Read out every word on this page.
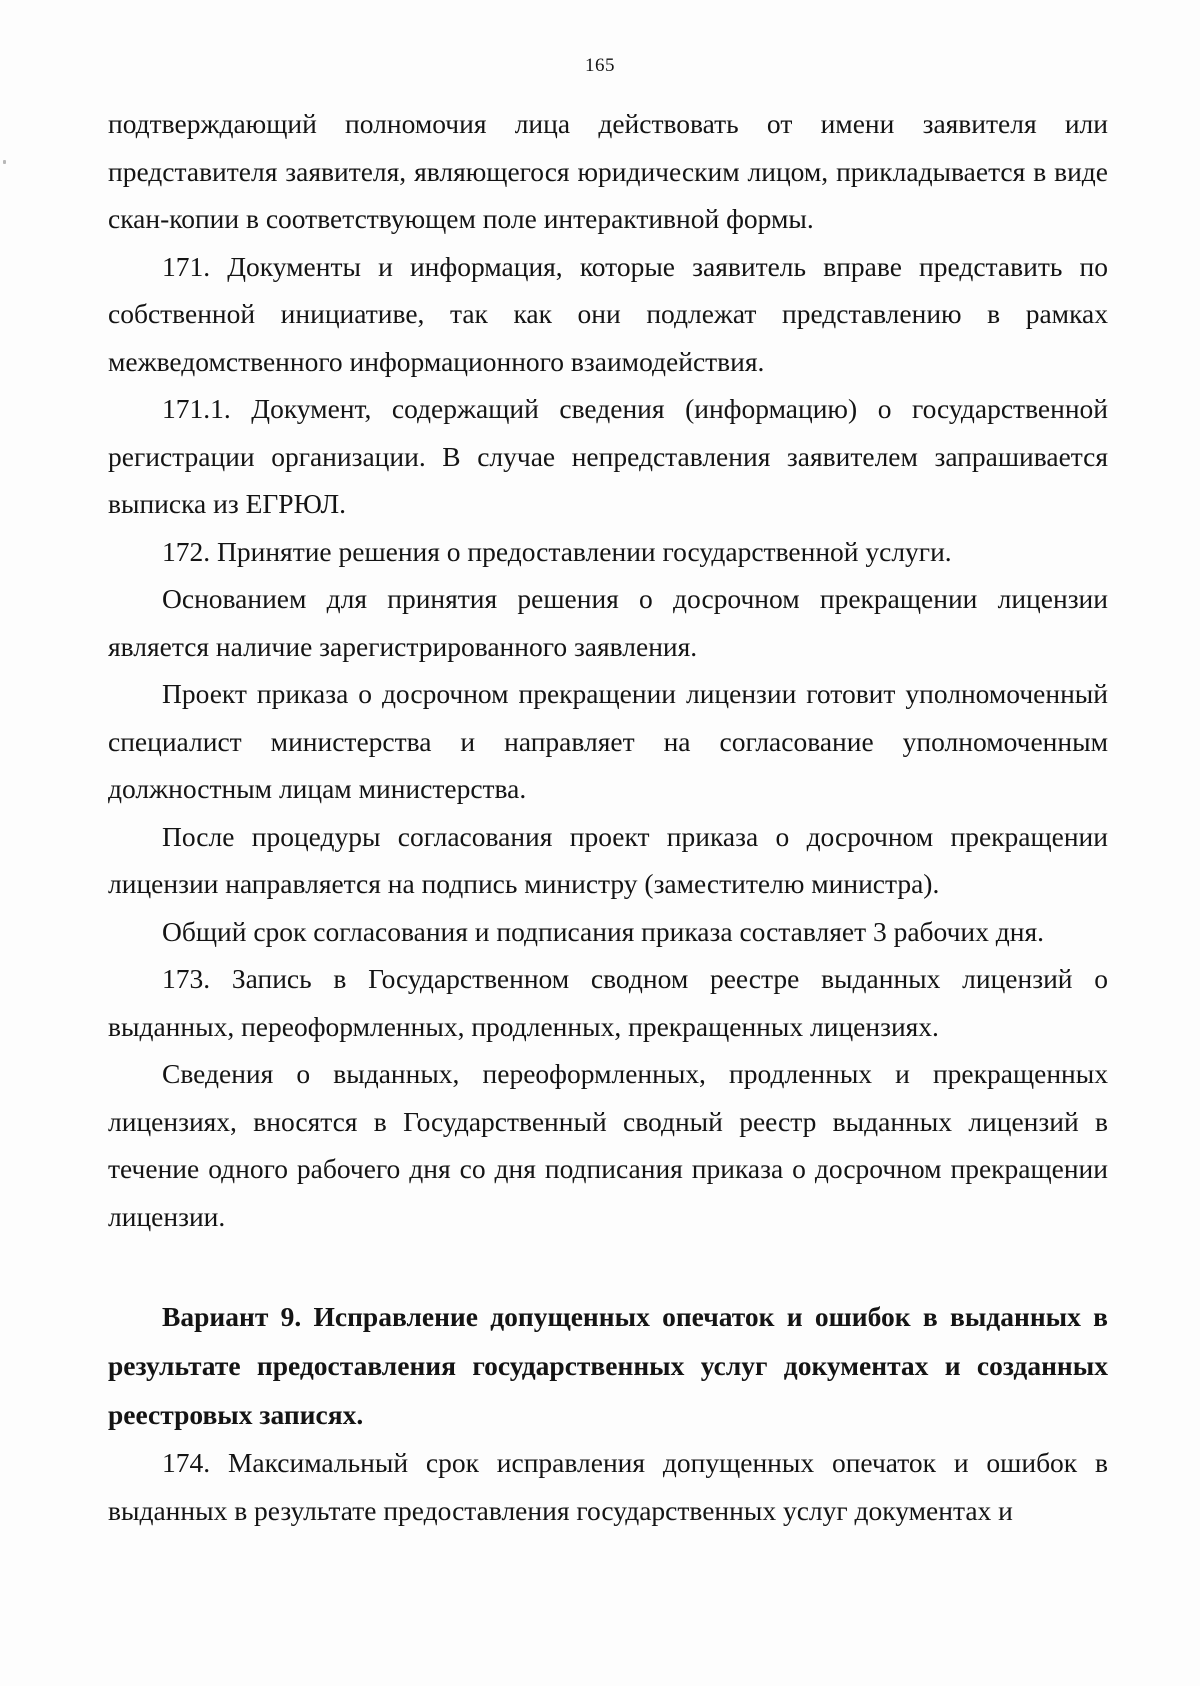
165

подтверждающий полномочия лица действовать от имени заявителя или представителя заявителя, являющегося юридическим лицом, прикладывается в виде скан-копии в соответствующем поле интерактивной формы.

171. Документы и информация, которые заявитель вправе представить по собственной инициативе, так как они подлежат представлению в рамках межведомственного информационного взаимодействия.

171.1. Документ, содержащий сведения (информацию) о государственной регистрации организации. В случае непредставления заявителем запрашивается выписка из ЕГРЮЛ.

172. Принятие решения о предоставлении государственной услуги.

Основанием для принятия решения о досрочном прекращении лицензии является наличие зарегистрированного заявления.

Проект приказа о досрочном прекращении лицензии готовит уполномоченный специалист министерства и направляет на согласование уполномоченным должностным лицам министерства.

После процедуры согласования проект приказа о досрочном прекращении лицензии направляется на подпись министру (заместителю министра).

Общий срок согласования и подписания приказа составляет 3 рабочих дня.

173. Запись в Государственном сводном реестре выданных лицензий о выданных, переоформленных, продленных, прекращенных лицензиях.

Сведения о выданных, переоформленных, продленных и прекращенных лицензиях, вносятся в Государственный сводный реестр выданных лицензий в течение одного рабочего дня со дня подписания приказа о досрочном прекращении лицензии.

Вариант 9. Исправление допущенных опечаток и ошибок в выданных в результате предоставления государственных услуг документах и созданных реестровых записях.

174. Максимальный срок исправления допущенных опечаток и ошибок в выданных в результате предоставления государственных услуг документах и
